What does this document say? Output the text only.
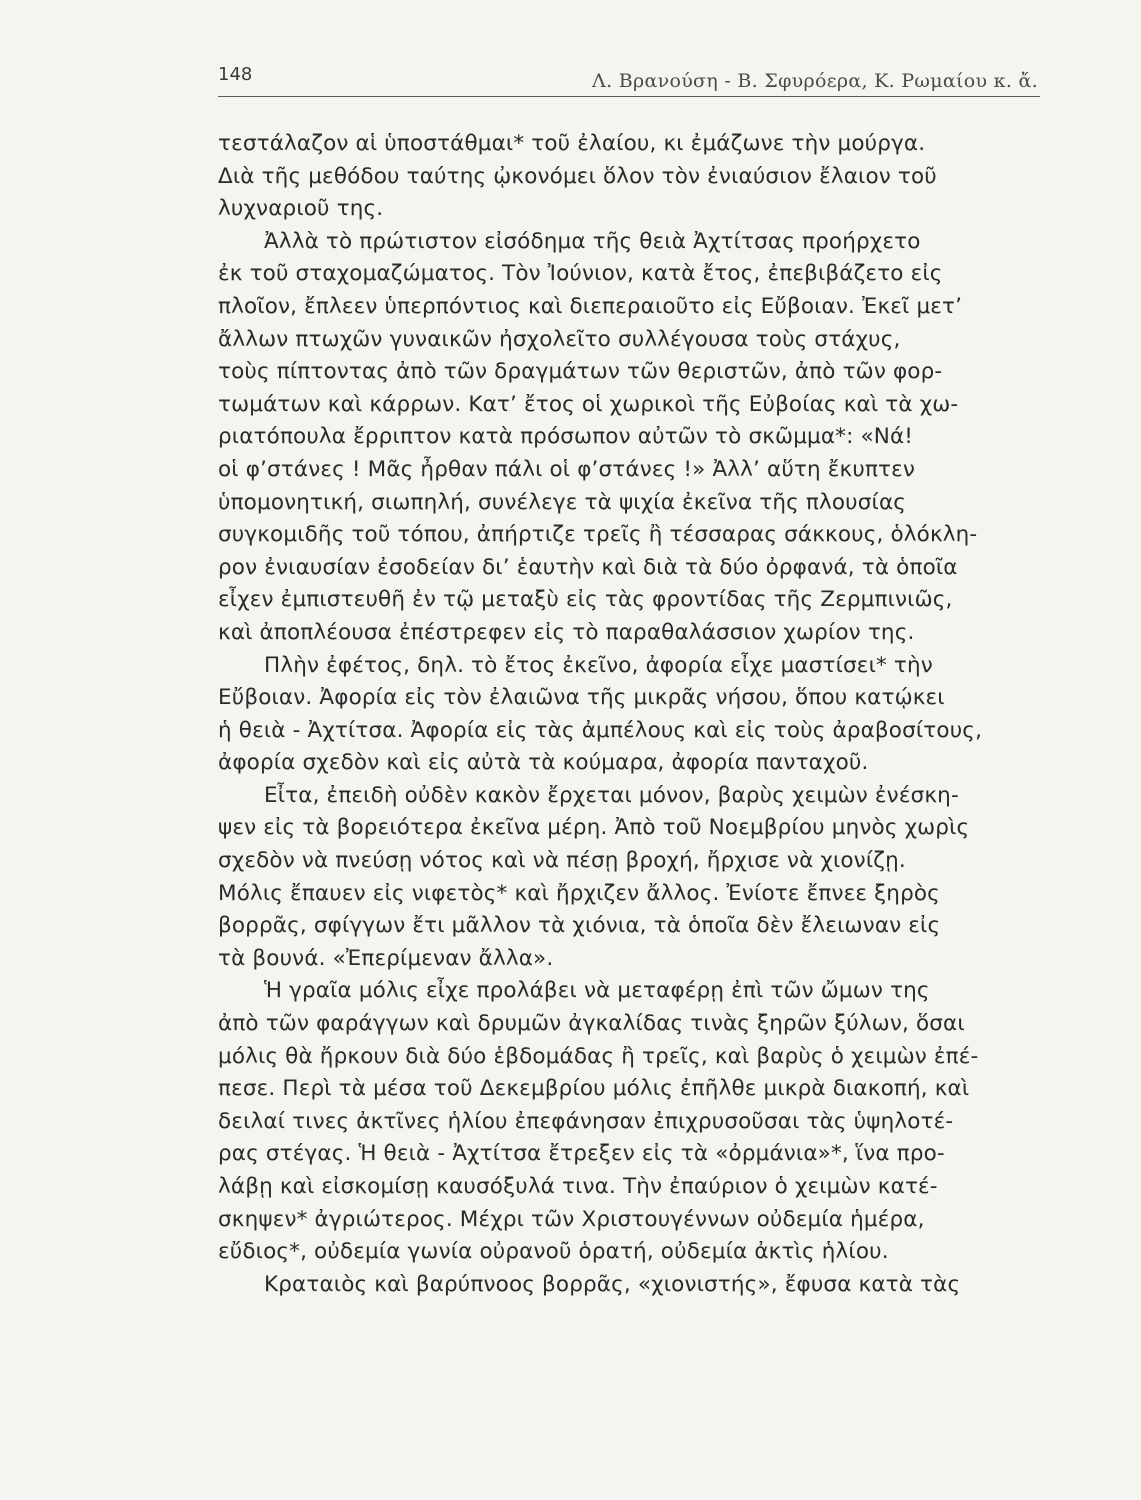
148	Λ. Βρανούση - Β. Σφυρόερα, Κ. Ρωμαίου κ. ἄ.
τεστάλαζον αἱ ὑποστάθμαι* τοῦ ἐλαίου, κι ἐμάζωνε τὴν μούργα.
Διὰ τῆς μεθόδου ταύτης ᾠκονόμει ὅλον τὸν ἐνιαύσιον ἔλαιον τοῦ
λυχναριοῦ της.
Ἀλλὰ τὸ πρώτιστον εἰσόδημα τῆς θειὰ Ἀχτίτσας προήρχετο
ἐκ τοῦ σταχομαζώματος. Τὸν Ἰούνιον, κατὰ ἔτος, ἐπεβιβάζετο εἰς
πλοῖον, ἔπλεεν ὑπερπόντιος καὶ διεπεραιοῦτο εἰς Εὔβοιαν. Ἐκεῖ μετ’
ἄλλων πτωχῶν γυναικῶν ἠσχολεῖτο συλλέγουσα τοὺς στάχυς,
τοὺς πίπτοντας ἀπὸ τῶν δραγμάτων τῶν θεριστῶν, ἀπὸ τῶν φορ-
τωμάτων καὶ κάρρων. Κατ’ ἔτος οἱ χωρικοὶ τῆς Εὐβοίας καὶ τὰ χω-
ριατόπουλα ἔρριπτον κατὰ πρόσωπον αὐτῶν τὸ σκῶμμα*: «Νά!
οἱ φ’στάνες ! Μᾶς ἦρθαν πάλι οἱ φ’στάνες !» Ἀλλ’ αὕτη ἔκυπτεν
ὑπομονητική, σιωπηλή, συνέλεγε τὰ ψιχία ἐκεῖνα τῆς πλουσίας
συγκομιδῆς τοῦ τόπου, ἀπήρτιζε τρεῖς ἢ τέσσαρας σάκκους, ὁλόκλη-
ρον ἐνιαυσίαν ἐσοδείαν δι’ ἑαυτὴν καὶ διὰ τὰ δύο ὀρφανά, τὰ ὁποῖα
εἶχεν ἐμπιστευθῆ ἐν τῷ μεταξὺ εἰς τὰς φροντίδας τῆς Ζερμπινιῶς,
καὶ ἀποπλέουσα ἐπέστρεφεν εἰς τὸ παραθαλάσσιον χωρίον της.
Πλὴν ἐφέτος, δηλ. τὸ ἔτος ἐκεῖνο, ἀφορία εἶχε μαστίσει* τὴν
Εὔβοιαν. Ἀφορία εἰς τὸν ἐλαιῶνα τῆς μικρᾶς νήσου, ὅπου κατῴκει
ἡ θειὰ - Ἀχτίτσα. Ἀφορία εἰς τὰς ἀμπέλους καὶ εἰς τοὺς ἀραβοσίτους,
ἀφορία σχεδὸν καὶ εἰς αὐτὰ τὰ κούμαρα, ἀφορία πανταχοῦ.
Εἶτα, ἐπειδὴ οὐδὲν κακὸν ἔρχεται μόνον, βαρὺς χειμὼν ἐνέσκη-
ψεν εἰς τὰ βορειότερα ἐκεῖνα μέρη. Ἀπὸ τοῦ Νοεμβρίου μηνὸς χωρὶς
σχεδὸν νὰ πνεύσῃ νότος καὶ νὰ πέσῃ βροχή, ἤρχισε νὰ χιονίζῃ.
Μόλις ἔπαυεν εἰς νιφετὸς* καὶ ἤρχιζεν ἄλλος. Ἐνίοτε ἔπνεε ξηρὸς
βορρᾶς, σφίγγων ἔτι μᾶλλον τὰ χιόνια, τὰ ὁποῖα δὲν ἔλειωναν εἰς
τὰ βουνά. «Ἐπερίμεναν ἄλλα».
Ἡ γραῖα μόλις εἶχε προλάβει νὰ μεταφέρῃ ἐπὶ τῶν ὤμων της
ἀπὸ τῶν φαράγγων καὶ δρυμῶν ἀγκαλίδας τινὰς ξηρῶν ξύλων, ὅσαι
μόλις θὰ ἤρκουν διὰ δύο ἑβδομάδας ἢ τρεῖς, καὶ βαρὺς ὁ χειμὼν ἐπέ-
πεσε. Περὶ τὰ μέσα τοῦ Δεκεμβρίου μόλις ἐπῆλθε μικρὰ διακοπή, καὶ
δειλαί τινες ἀκτῖνες ἡλίου ἐπεφάνησαν ἐπιχρυσοῦσαι τὰς ὑψηλοτέ-
ρας στέγας. Ἡ θειὰ - Ἀχτίτσα ἔτρεξεν εἰς τὰ «ὀρμάνια»*, ἵνα προ-
λάβῃ καὶ εἰσκομίσῃ καυσόξυλά τινα. Τὴν ἐπαύριον ὁ χειμὼν κατέ-
σκηψεν* ἀγριώτερος. Μέχρι τῶν Χριστουγέννων οὐδεμία ἡμέρα,
εὔδιος*, οὐδεμία γωνία οὐρανοῦ ὁρατή, οὐδεμία ἀκτὶς ἡλίου.
Κραταιὸς καὶ βαρύπνοος βορρᾶς, «χιονιστής», ἔφυσα κατὰ τὰς
